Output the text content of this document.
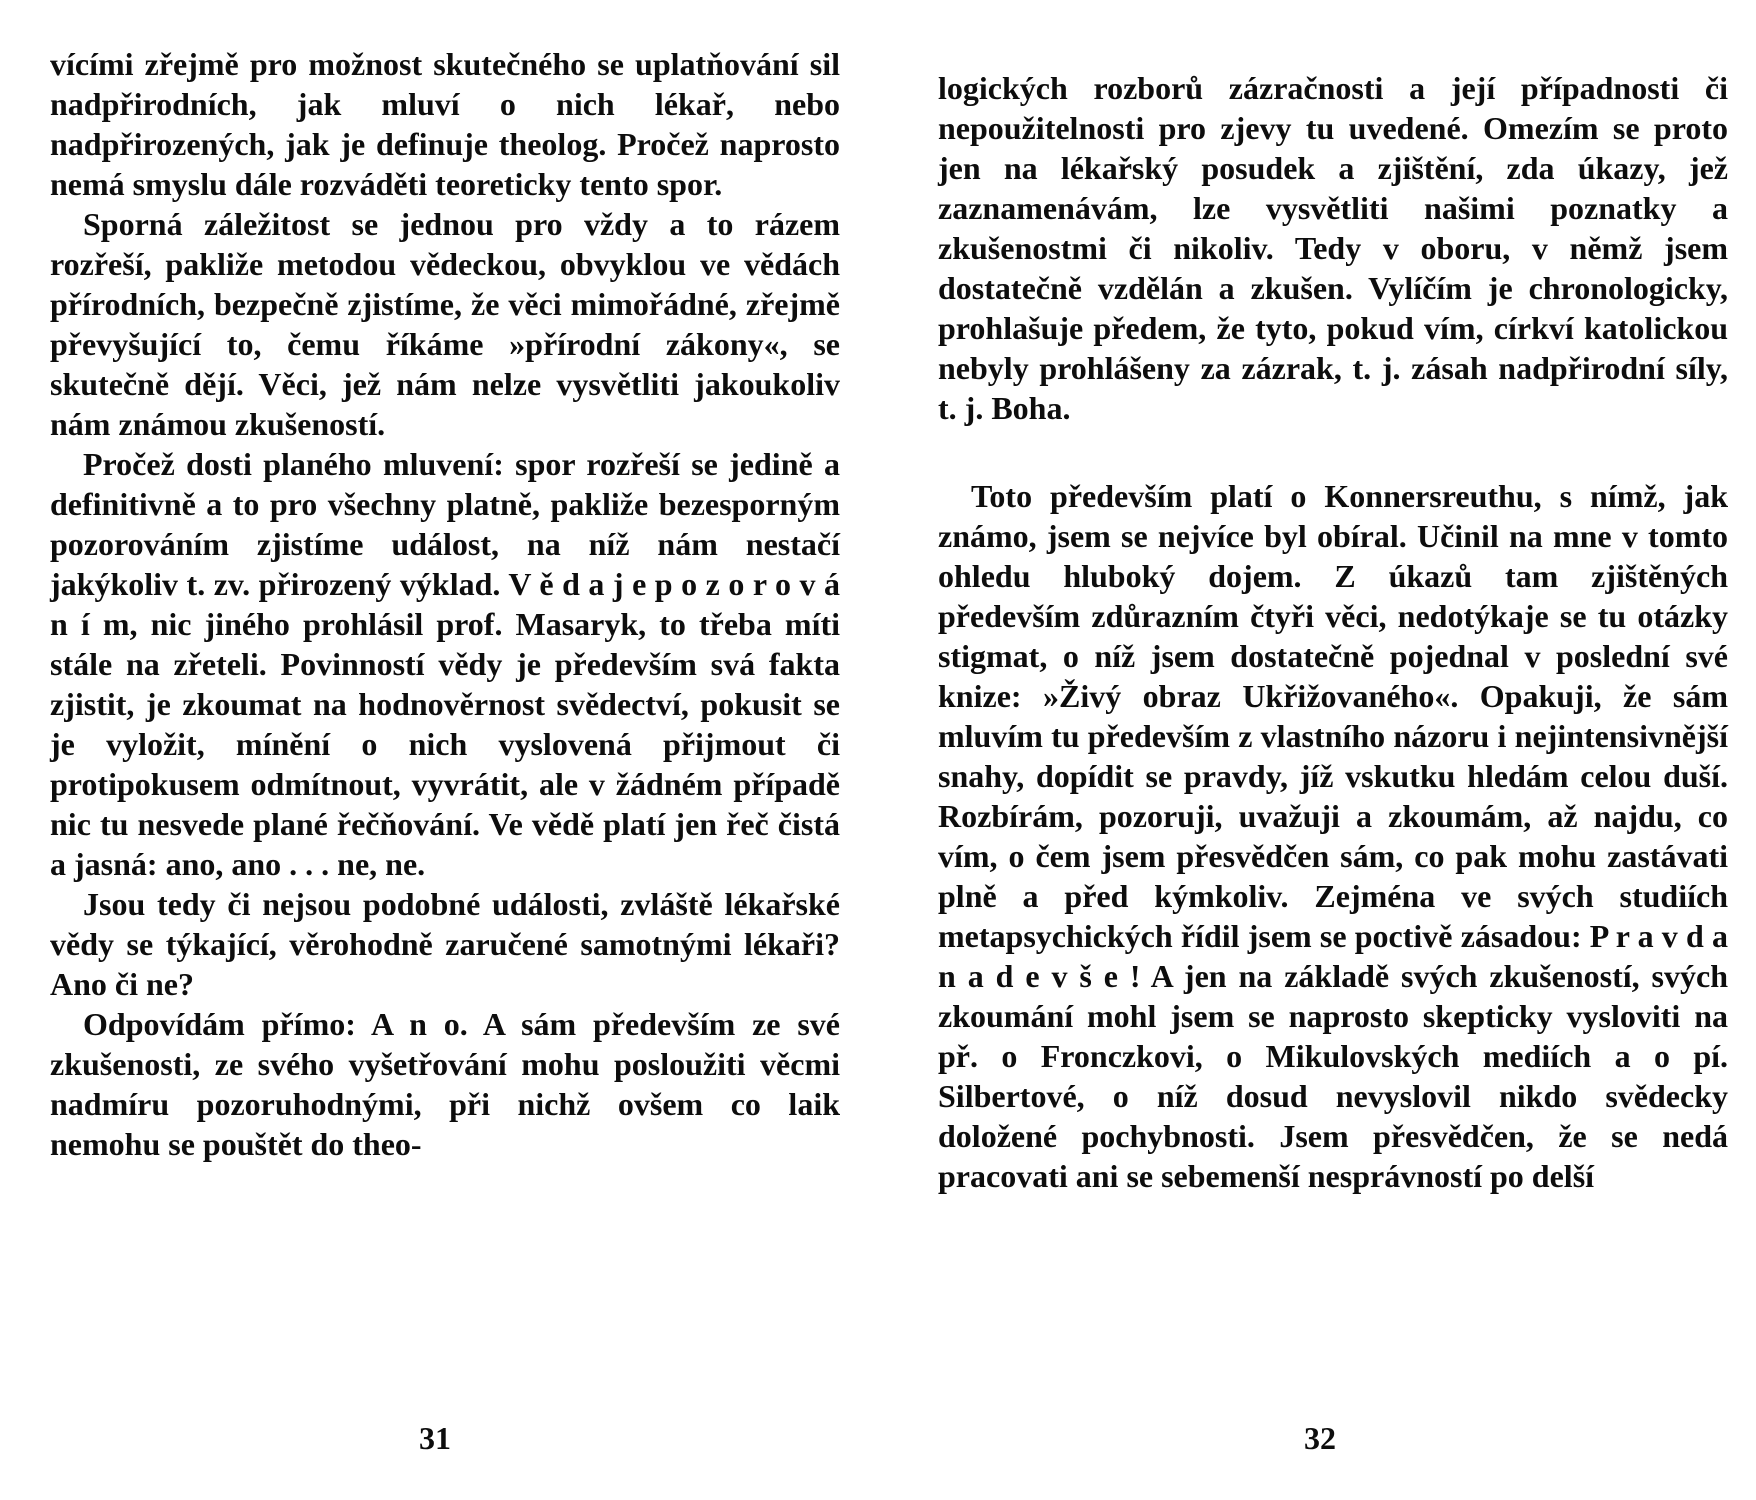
vícími zřejmě pro možnost skutečného se uplatňování sil nadpřirodních, jak mluví o nich lékař, nebo nadpřirozených, jak je definuje theolog. Pročež naprosto nemá smyslu dále rozváděti teoreticky tento spor.

Sporná záležitost se jednou pro vždy a to rázem rozřeší, pakliže metodou vědeckou, obvyklou ve vědách přírodních, bezpečně zjistíme, že věci mimořádné, zřejmě převyšující to, čemu říkáme »přírodní zákony«, se skutečně dějí. Věci, jež nám nelze vysvětliti jakoukoliv nám známou zkušeností.

Pročež dosti planého mluvení: spor rozřeší se jedině a definitivně a to pro všechny platně, pakliže bezesporným pozorováním zjistíme událost, na níž nám nestačí jakýkoliv t. zv. přirozený výklad. V ě d a j e p o z o r o v á n í m, nic jiného prohlásil prof. Masaryk, to třeba míti stále na zřeteli. Povinností vědy je především svá fakta zjistit, je zkoumat na hodnověrnost svědectví, pokusit se je vyložit, mínění o nich vyslovená přijmout či protipokusem odmítnout, vyvrátit, ale v žádném případě nic tu nesvede plané řečňování. Ve vědě platí jen řeč čistá a jasná: ano, ano . . . ne, ne.

Jsou tedy či nejsou podobné události, zvláště lékařské vědy se týkající, věrohodně zaručené samotnými lékaři? Ano či ne?

Odpovídám přímo: A n o. A sám především ze své zkušenosti, ze svého vyšetřování mohu posloužiti věcmi nadmíru pozoruhodnými, při nichž ovšem co laik nemohu se pouštět do theo-

31

logických rozborů zázračnosti a její případnosti či nepoužitelnosti pro zjevy tu uvedené. Omezím se proto jen na lékařský posudek a zjištění, zda úkazy, jež zaznamenávám, lze vysvětliti našimi poznatky a zkušenostmi či nikoliv. Tedy v oboru, v němž jsem dostatečně vzdělán a zkušen. Vylíčím je chronologicky, prohlašuje předem, že tyto, pokud vím, církví katolickou nebyly prohlášeny za zázrak, t. j. zásah nadpřirodní síly, t. j. Boha.

Toto především platí o Konnersreuthu, s nímž, jak známo, jsem se nejvíce byl obíral. Učinil na mne v tomto ohledu hluboký dojem. Z úkazů tam zjištěných především zdůrazním čtyři věci, nedotýkaje se tu otázky stigmat, o níž jsem dostatečně pojednal v poslední své knize: »Živý obraz Ukřižovaného«. Opakuji, že sám mluvím tu především z vlastního názoru i nejintensivnější snahy, dopídit se pravdy, jíž vskutku hledám celou duší. Rozbírám, pozoruji, uvažuji a zkoumám, až najdu, co vím, o čem jsem přesvědčen sám, co pak mohu zastávati plně a před kýmkoliv. Zejména ve svých studiích metapsychických řídil jsem se poctivě zásadou: P r a v d a n a d e v š e ! A jen na základě svých zkušeností, svých zkoumání mohl jsem se naprosto skepticky vysloviti na př. o Fronczkovi, o Mikulovských mediích a o pí. Silbertové, o níž dosud nevyslovil nikdo svědecky doložené pochybnosti. Jsem přesvědčen, že se nedá pracovati ani se sebemenší nesprávností po delší

32
